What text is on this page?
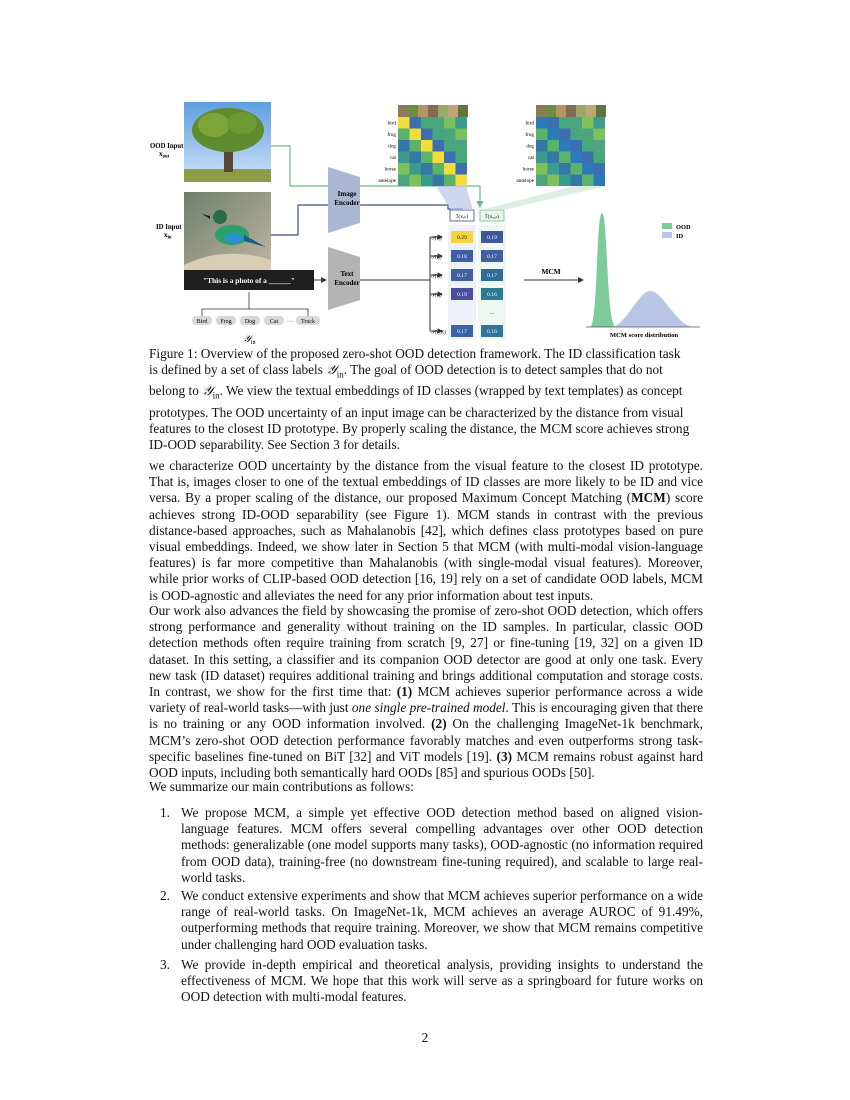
OOD Input
$x_{out}$
ID Input
$x_{in}$
Image
Encoder
Text
Encoder
"This is a photo of a ______"
Bird Frog Dog Cat ··· Truck
𝒴$_{in}$
ℐ(xᵢₙ)	ℐ(xₒᵤₜ)
𝒯(t₁)	0.29	0.19
𝒯(t₂)	0.18	0.17
𝒯(t₃)	0.17	0.17
𝒯(t₄)	0.19	0.16
···	···
𝒯(t_K) 0.17	0.16
MCM
bird
frog
dog
cat
horse
antelope
bird
frog
dog
cat
horse
antelope
MCM score distribution
OOD
ID
Figure 1: Overview of the proposed zero-shot OOD detection framework. The ID classification task
is defined by a set of class labels 𝒴$_{in}$. The goal of OOD detection is to detect samples that do not
belong to 𝒴$_{in}$. We view the textual embeddings of ID classes (wrapped by text templates) as concept
prototypes. The OOD uncertainty of an input image can be characterized by the distance from visual
features to the closest ID prototype. By properly scaling the distance, the MCM score achieves strong
ID-OOD separability. See Section 3 for details.

we characterize OOD uncertainty by the distance from the visual feature to the closest ID prototype. That is, images closer to one of the textual embeddings of ID classes are more likely to be ID and vice versa. By a proper scaling of the distance, our proposed Maximum Concept Matching (MCM) score achieves strong ID-OOD separability (see Figure 1). MCM stands in contrast with the previous distance-based approaches, such as Mahalanobis [42], which defines class prototypes based on pure visual embeddings. Indeed, we show later in Section 5 that MCM (with multi-modal vision-language features) is far more competitive than Mahalanobis (with single-modal visual features). Moreover, while prior works of CLIP-based OOD detection [16, 19] rely on a set of candidate OOD labels, MCM is OOD-agnostic and alleviates the need for any prior information about test inputs.

Our work also advances the field by showcasing the promise of zero-shot OOD detection, which offers strong performance and generality without training on the ID samples. In particular, classic OOD detection methods often require training from scratch [9, 27] or fine-tuning [19, 32] on a given ID dataset. In this setting, a classifier and its companion OOD detector are good at only one task. Every new task (ID dataset) requires additional training and brings additional computation and storage costs. In contrast, we show for the first time that: (1) MCM achieves superior performance across a wide variety of real-world tasks—with just one single pre-trained model. This is encouraging given that there is no training or any OOD information involved. (2) On the challenging ImageNet-1k benchmark, MCM’s zero-shot OOD detection performance favorably matches and even outperforms strong task-specific baselines fine-tuned on BiT [32] and ViT models [19]. (3) MCM remains robust against hard OOD inputs, including both semantically hard OODs [85] and spurious OODs [50].

We summarize our main contributions as follows:

1. We propose MCM, a simple yet effective OOD detection method based on aligned vision-language features. MCM offers several compelling advantages over other OOD detection methods: generalizable (one model supports many tasks), OOD-agnostic (no information required from OOD data), training-free (no downstream fine-tuning required), and scalable to large real-world tasks.
2. We conduct extensive experiments and show that MCM achieves superior performance on a wide range of real-world tasks. On ImageNet-1k, MCM achieves an average AUROC of 91.49%, outperforming methods that require training. Moreover, we show that MCM remains competitive under challenging hard OOD evaluation tasks.
3. We provide in-depth empirical and theoretical analysis, providing insights to understand the effectiveness of MCM. We hope that this work will serve as a springboard for future works on OOD detection with multi-modal features.
2
